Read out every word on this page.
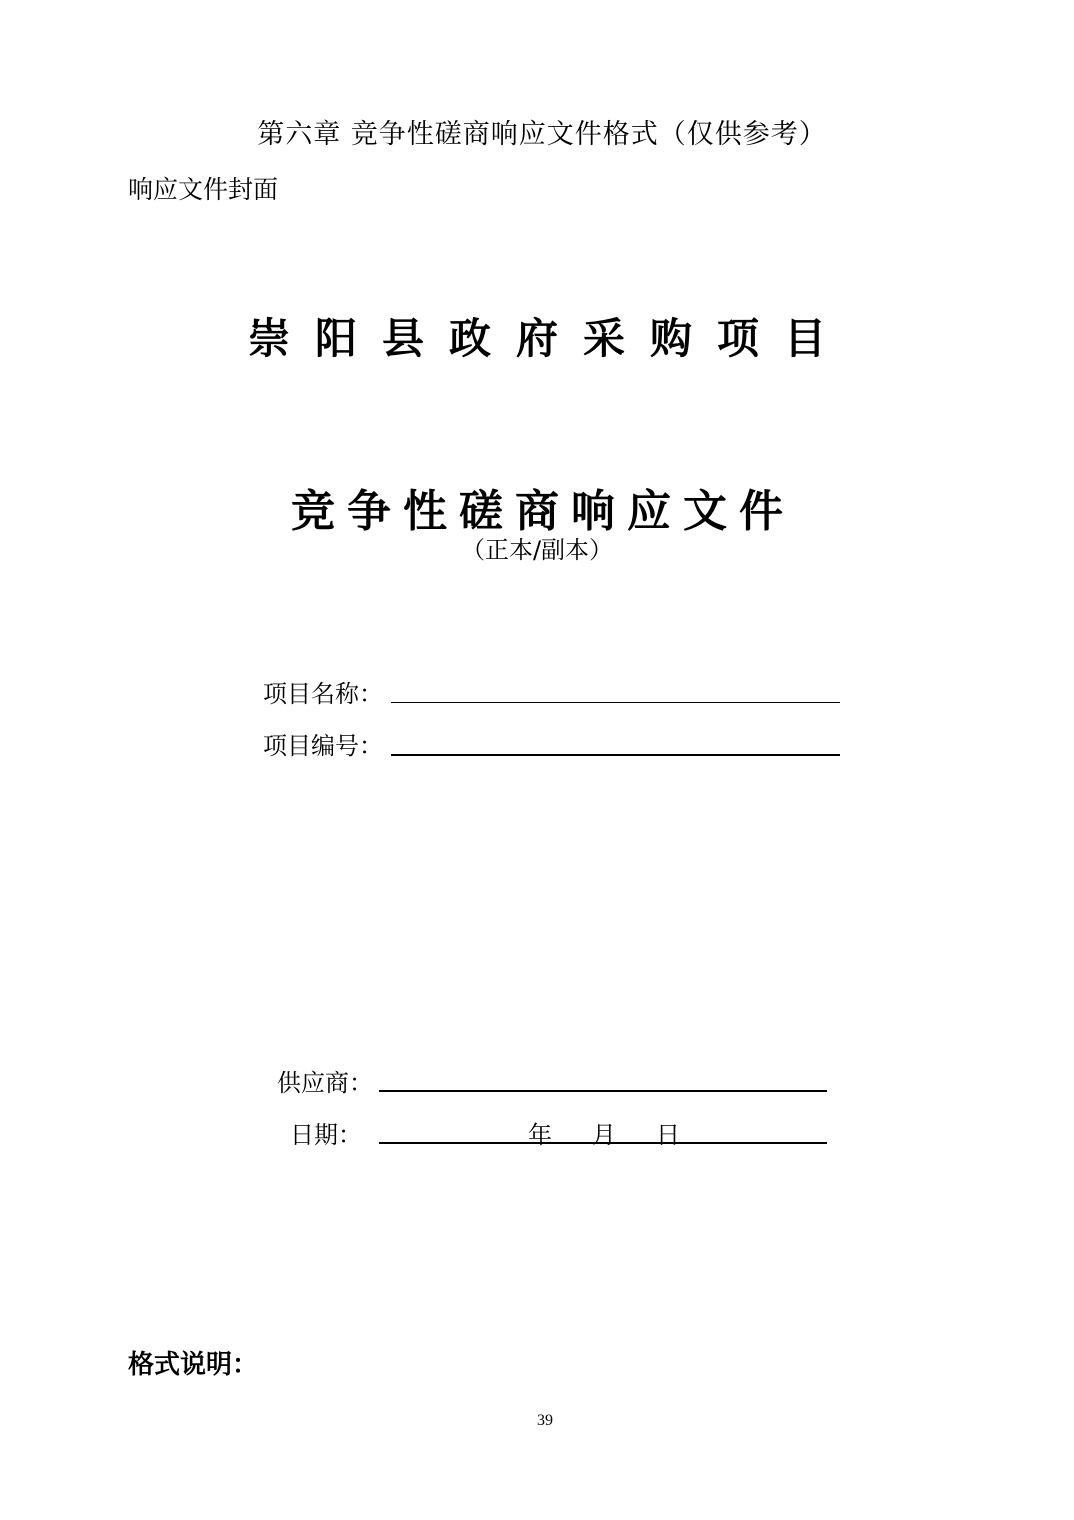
第六章 竞争性磋商响应文件格式（仅供参考）
响应文件封面
崇阳县政府采购项目
竞争性磋商响应文件
（正本/副本）
项目名称：
项目编号：
供应商：
日期：	年 月 日
格式说明：
39
